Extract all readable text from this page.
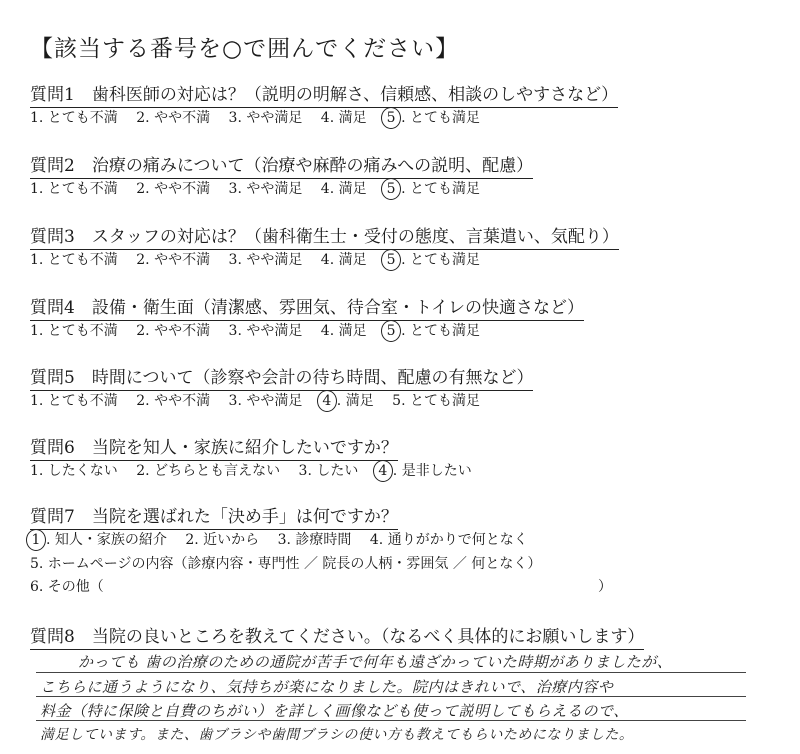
【該当する番号を○で囲んでください】
質問1　歯科医師の対応は？（説明の明解さ、信頼感、相談のしやすさなど）
1. とても不満 2. やや不満 3. やや満足 4. 満足 5 . とても満足
質問2　治療の痛みについて（治療や麻酔の痛みへの説明、配慮）
1. とても不満 2. やや不満 3. やや満足 4. 満足 5 . とても満足
質問3　スタッフの対応は？（歯科衛生士・受付の態度、言葉遣い、気配り）
1. とても不満 2. やや不満 3. やや満足 4. 満足 5 . とても満足
質問4　設備・衛生面（清潔感、雰囲気、待合室・トイレの快適さなど）
1. とても不満 2. やや不満 3. やや満足 4. 満足 5 . とても満足
質問5　時間について（診察や会計の待ち時間、配慮の有無など）
1. とても不満 2. やや不満 3. やや満足 4 . 満足 5. とても満足
質問6　当院を知人・家族に紹介したいですか？
1. したくない 2. どちらとも言えない 3. したい 4 . 是非したい
質問7　当院を選ばれた「決め手」は何ですか？
1 . 知人・家族の紹介 2. 近いから 3. 診療時間 4. 通りがかりで何となく
5. ホームページの内容（診療内容・専門性 ／ 院長の人柄・雰囲気 ／ 何となく）
6. その他（	）
質問8　当院の良いところを教えてください。（なるべく具体的にお願いします）
かっても 歯の治療のための通院が苦手で何年も遠ざかっていた時期がありましたが、
こちらに通うようになり、気持ちが楽になりました。院内はきれいで、治療内容や
料金（特に保険と自費のちがい）を詳しく画像なども使って説明してもらえるので、
満足しています。また、歯ブラシや歯間ブラシの使い方も教えてもらいためになりました。
